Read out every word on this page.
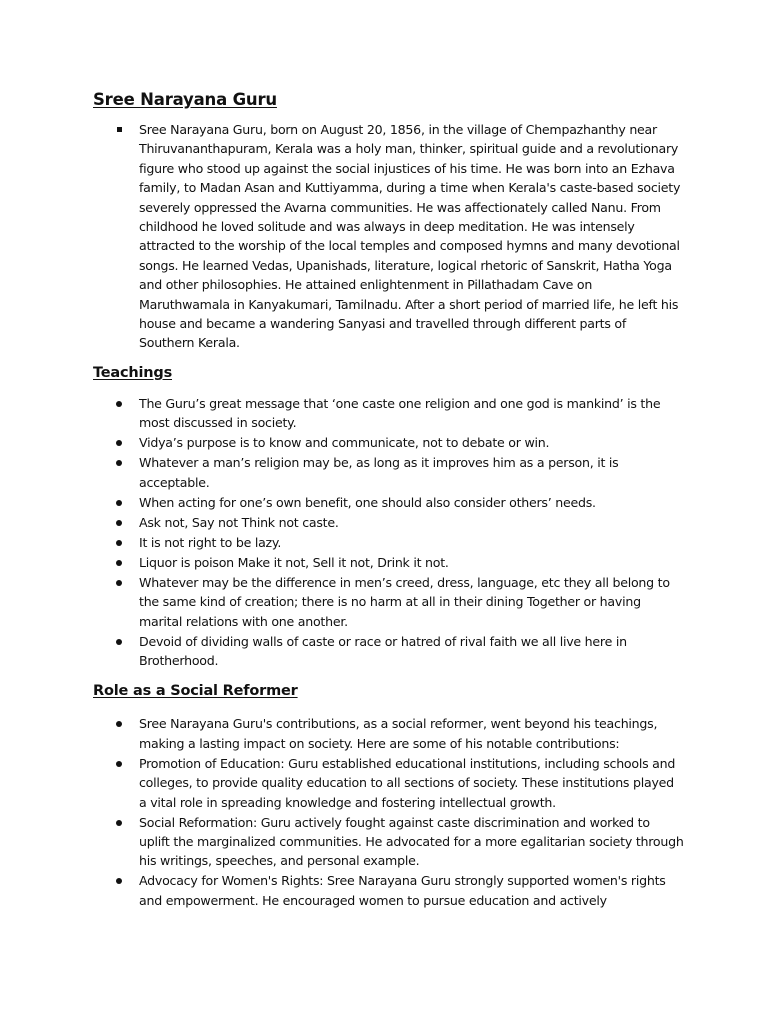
Sree Narayana Guru
Sree Narayana Guru, born on August 20, 1856, in the village of Chempazhanthy near Thiruvananthapuram, Kerala was a holy man, thinker, spiritual guide and a revolutionary figure who stood up against the social injustices of his time. He was born into an Ezhava family, to Madan Asan and Kuttiyamma, during a time when Kerala's caste-based society severely oppressed the Avarna communities. He was affectionately called Nanu. From childhood he loved solitude and was always in deep meditation. He was intensely attracted to the worship of the local temples and composed hymns and many devotional songs. He learned Vedas, Upanishads, literature, logical rhetoric of Sanskrit, Hatha Yoga and other philosophies. He attained enlightenment in Pillathadam Cave on Maruthwamala in Kanyakumari, Tamilnadu. After a short period of married life, he left his house and became a wandering Sanyasi and travelled through different parts of Southern Kerala.
Teachings
The Guru’s great message that ‘one caste one religion and one god is mankind’ is the most discussed in society.
Vidya’s purpose is to know and communicate, not to debate or win.
Whatever a man’s religion may be, as long as it improves him as a person, it is acceptable.
When acting for one’s own benefit, one should also consider others’ needs.
Ask not, Say not Think not caste.
It is not right to be lazy.
Liquor is poison Make it not, Sell it not, Drink it not.
Whatever may be the difference in men’s creed, dress, language, etc they all belong to the same kind of creation; there is no harm at all in their dining Together or having marital relations with one another.
Devoid of dividing walls of caste or race or hatred of rival faith we all live here in Brotherhood.
Role as a Social Reformer
Sree Narayana Guru's contributions, as a social reformer, went beyond his teachings, making a lasting impact on society. Here are some of his notable contributions:
Promotion of Education: Guru established educational institutions, including schools and colleges, to provide quality education to all sections of society. These institutions played a vital role in spreading knowledge and fostering intellectual growth.
Social Reformation: Guru actively fought against caste discrimination and worked to uplift the marginalized communities. He advocated for a more egalitarian society through his writings, speeches, and personal example.
Advocacy for Women's Rights: Sree Narayana Guru strongly supported women's rights and empowerment. He encouraged women to pursue education and actively
